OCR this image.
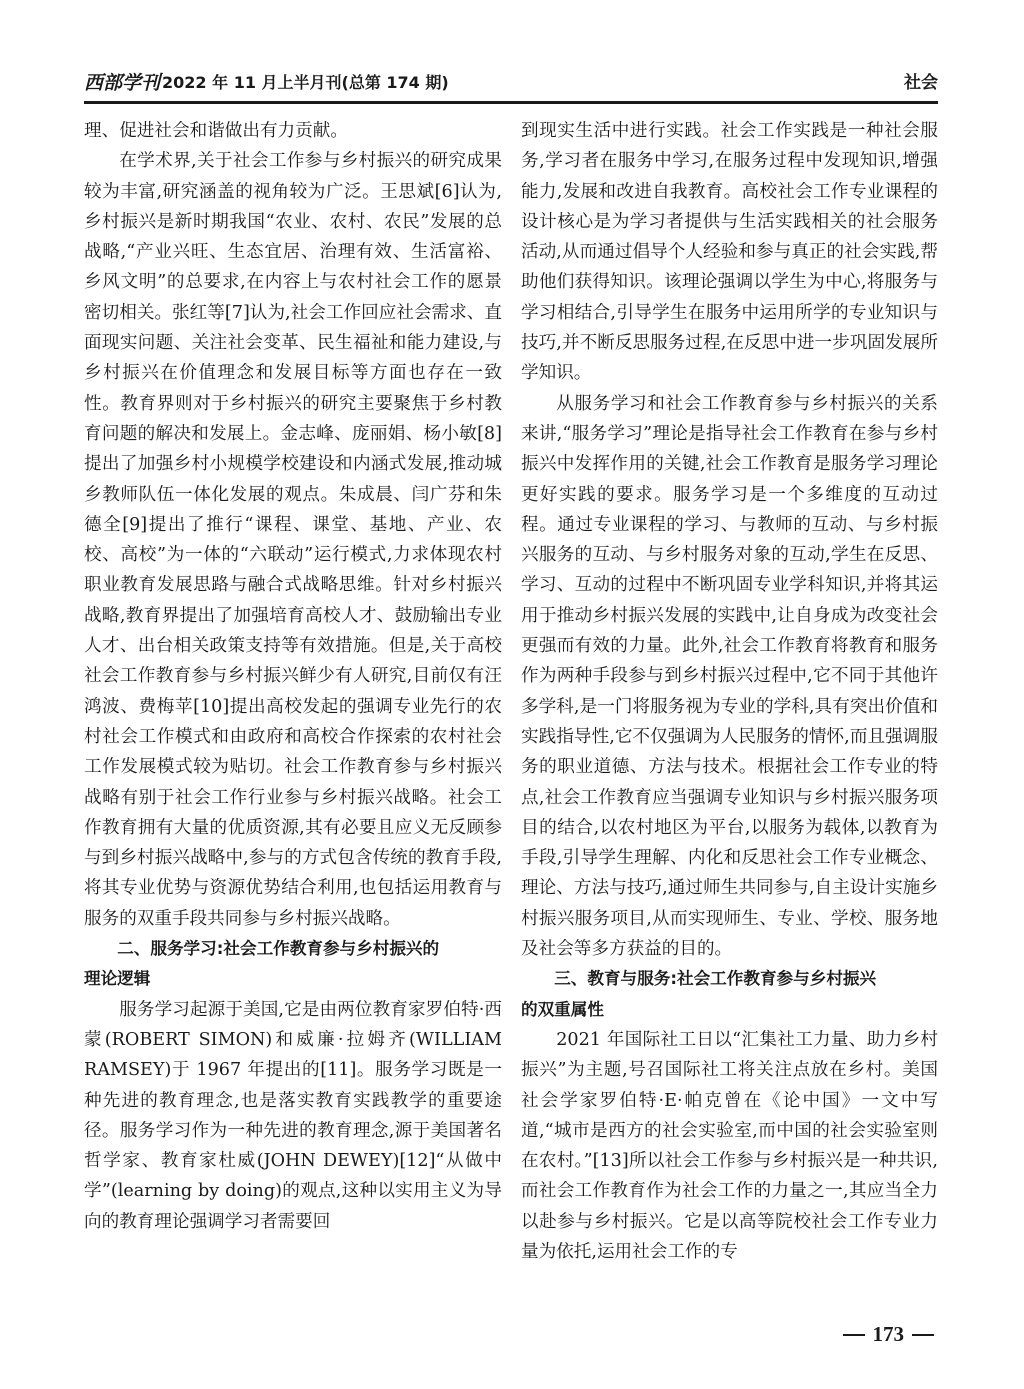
西部学刊 2022 年 11 月上半月刊(总第 174 期)	社会

理、促进社会和谐做出有力贡献。

在学术界,关于社会工作参与乡村振兴的研究成果较为丰富,研究涵盖的视角较为广泛。王思斌[6]认为,乡村振兴是新时期我国“农业、农村、农民”发展的总战略,“产业兴旺、生态宜居、治理有效、生活富裕、乡风文明”的总要求,在内容上与农村社会工作的愿景密切相关。张红等[7]认为,社会工作回应社会需求、直面现实问题、关注社会变革、民生福祉和能力建设,与乡村振兴在价值理念和发展目标等方面也存在一致性。教育界则对于乡村振兴的研究主要聚焦于乡村教育问题的解决和发展上。金志峰、庞丽娟、杨小敏[8]提出了加强乡村小规模学校建设和内涵式发展,推动城乡教师队伍一体化发展的观点。朱成晨、闫广芬和朱德全[9]提出了推行“课程、课堂、基地、产业、农校、高校”为一体的“六联动”运行模式,力求体现农村职业教育发展思路与融合式战略思维。针对乡村振兴战略,教育界提出了加强培育高校人才、鼓励输出专业人才、出台相关政策支持等有效措施。但是,关于高校社会工作教育参与乡村振兴鲜少有人研究,目前仅有汪鸿波、费梅苹[10]提出高校发起的强调专业先行的农村社会工作模式和由政府和高校合作探索的农村社会工作发展模式较为贴切。社会工作教育参与乡村振兴战略有别于社会工作行业参与乡村振兴战略。社会工作教育拥有大量的优质资源,其有必要且应义无反顾参与到乡村振兴战略中,参与的方式包含传统的教育手段,将其专业优势与资源优势结合利用,也包括运用教育与服务的双重手段共同参与乡村振兴战略。

二、服务学习:社会工作教育参与乡村振兴的
理论逻辑

服务学习起源于美国,它是由两位教育家罗伯特·西蒙(ROBERT SIMON)和威廉·拉姆齐(WILLIAM RAMSEY)于 1967 年提出的[11]。服务学习既是一种先进的教育理念,也是落实教育实践教学的重要途径。服务学习作为一种先进的教育理念,源于美国著名哲学家、教育家杜威(JOHN DEWEY)[12]“从做中学”(learning by doing)的观点,这种以实用主义为导向的教育理论强调学习者需要回

到现实生活中进行实践。社会工作实践是一种社会服务,学习者在服务中学习,在服务过程中发现知识,增强能力,发展和改进自我教育。高校社会工作专业课程的设计核心是为学习者提供与生活实践相关的社会服务活动,从而通过倡导个人经验和参与真正的社会实践,帮助他们获得知识。该理论强调以学生为中心,将服务与学习相结合,引导学生在服务中运用所学的专业知识与技巧,并不断反思服务过程,在反思中进一步巩固发展所学知识。

从服务学习和社会工作教育参与乡村振兴的关系来讲,“服务学习”理论是指导社会工作教育在参与乡村振兴中发挥作用的关键,社会工作教育是服务学习理论更好实践的要求。服务学习是一个多维度的互动过程。通过专业课程的学习、与教师的互动、与乡村振兴服务的互动、与乡村服务对象的互动,学生在反思、学习、互动的过程中不断巩固专业学科知识,并将其运用于推动乡村振兴发展的实践中,让自身成为改变社会更强而有效的力量。此外,社会工作教育将教育和服务作为两种手段参与到乡村振兴过程中,它不同于其他许多学科,是一门将服务视为专业的学科,具有突出价值和实践指导性,它不仅强调为人民服务的情怀,而且强调服务的职业道德、方法与技术。根据社会工作专业的特点,社会工作教育应当强调专业知识与乡村振兴服务项目的结合,以农村地区为平台,以服务为载体,以教育为手段,引导学生理解、内化和反思社会工作专业概念、理论、方法与技巧,通过师生共同参与,自主设计实施乡村振兴服务项目,从而实现师生、专业、学校、服务地及社会等多方获益的目的。

三、教育与服务:社会工作教育参与乡村振兴
的双重属性

2021 年国际社工日以“汇集社工力量、助力乡村振兴”为主题,号召国际社工将关注点放在乡村。美国社会学家罗伯特·E·帕克曾在《论中国》一文中写道,“城市是西方的社会实验室,而中国的社会实验室则在农村。”[13]所以社会工作参与乡村振兴是一种共识,而社会工作教育作为社会工作的力量之一,其应当全力以赴参与乡村振兴。它是以高等院校社会工作专业力量为依托,运用社会工作的专

173
